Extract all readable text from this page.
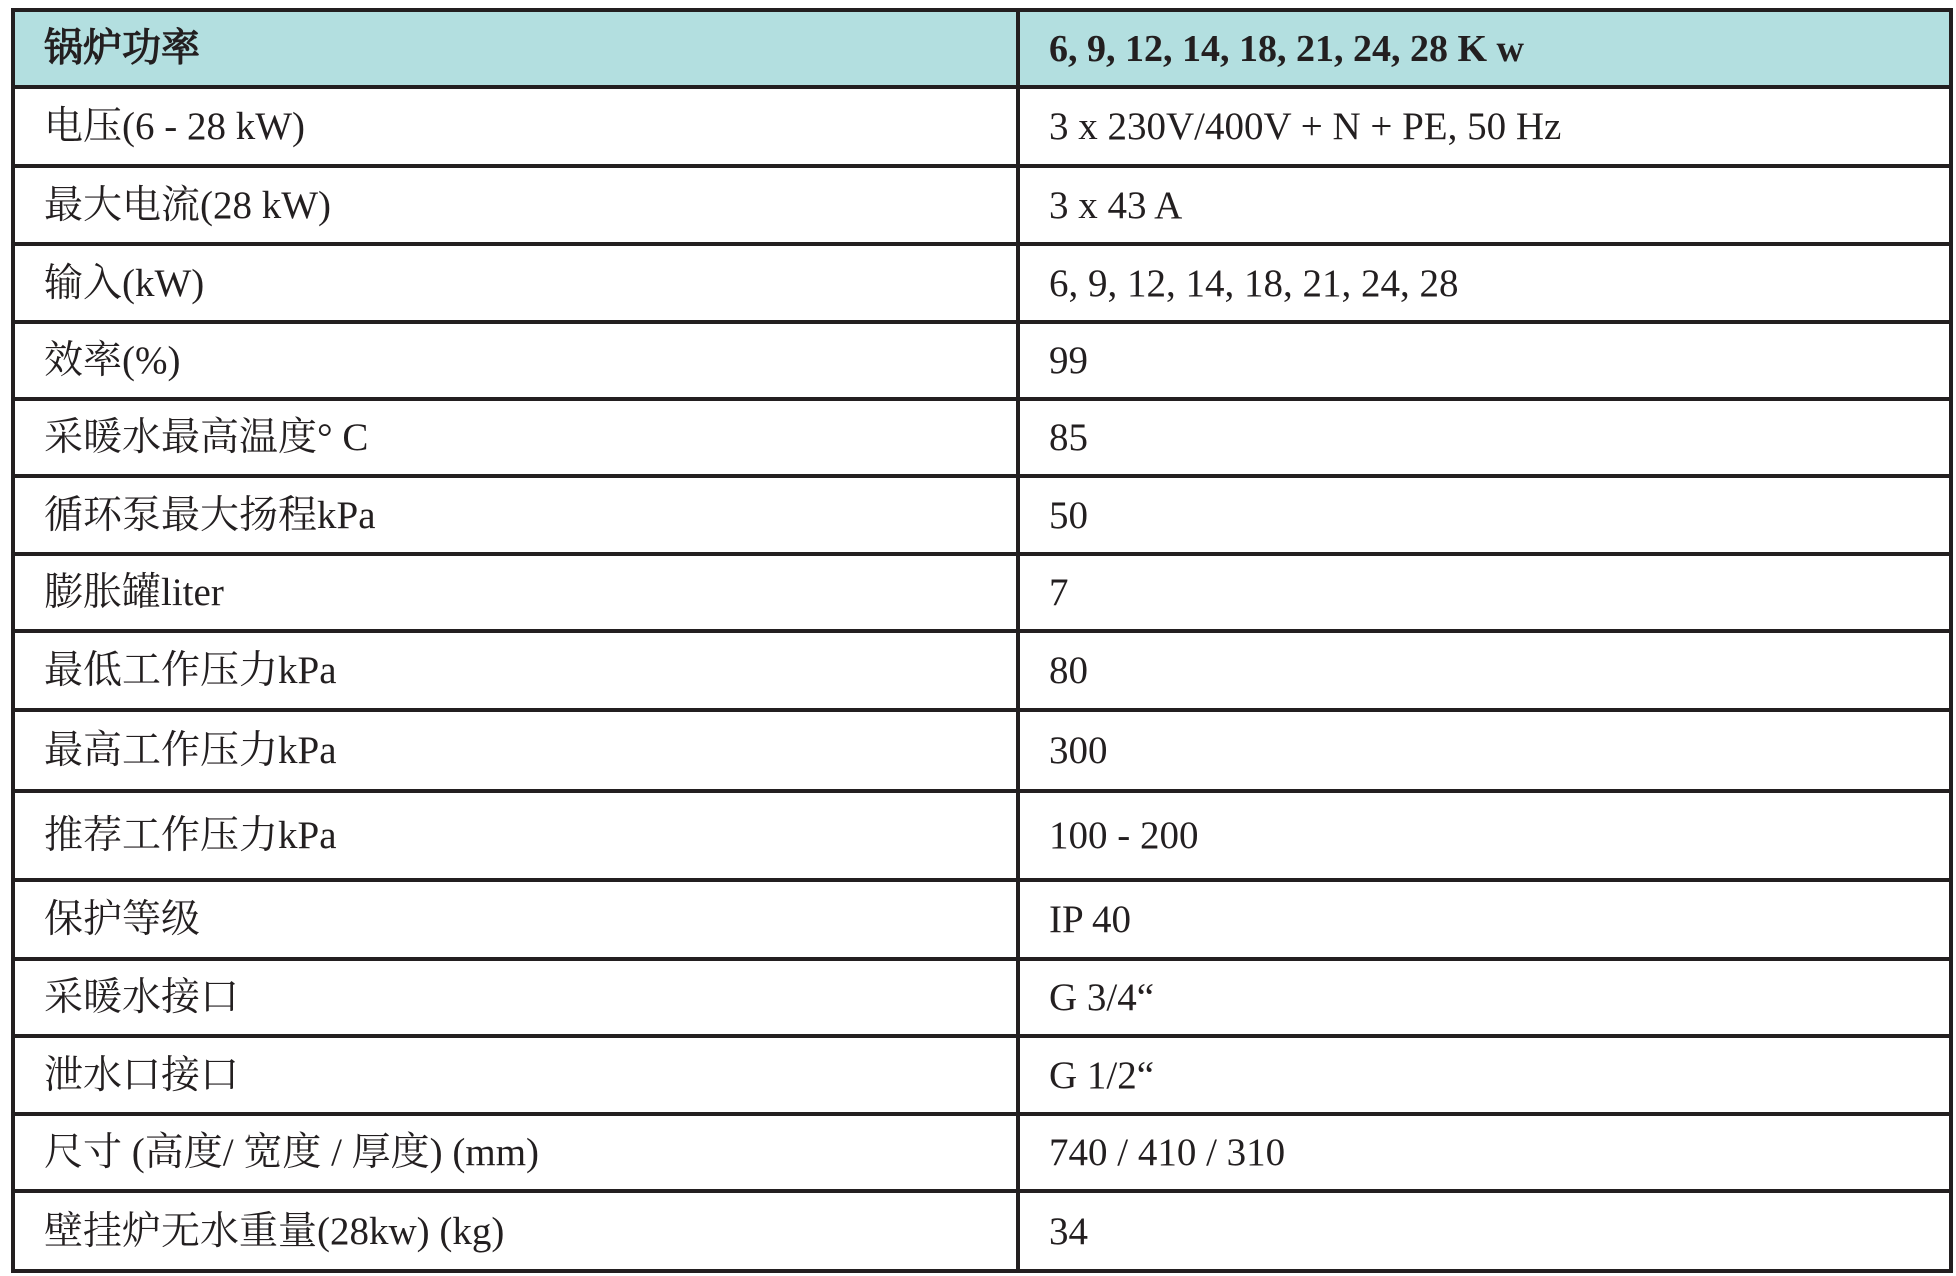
锅炉功率	6, 9, 12, 14, 18, 21, 24, 28 K w
电压(6 - 28 kW)	3 x 230V/400V + N + PE, 50 Hz
最大电流(28 kW)	3 x 43 A
输入(kW)	6, 9, 12, 14, 18, 21, 24, 28
效率(%)	99
采暖水最高温度° C	85
循环泵最大扬程kPa	50
膨胀罐liter	7
最低工作压力kPa	80
最高工作压力kPa	300
推荐工作压力kPa	100 - 200
保护等级	IP 40
采暖水接口	G 3/4“
泄水口接口	G 1/2“
尺寸 (高度/ 宽度 / 厚度) (mm)	740 / 410 / 310
壁挂炉无水重量(28kw) (kg)	34
